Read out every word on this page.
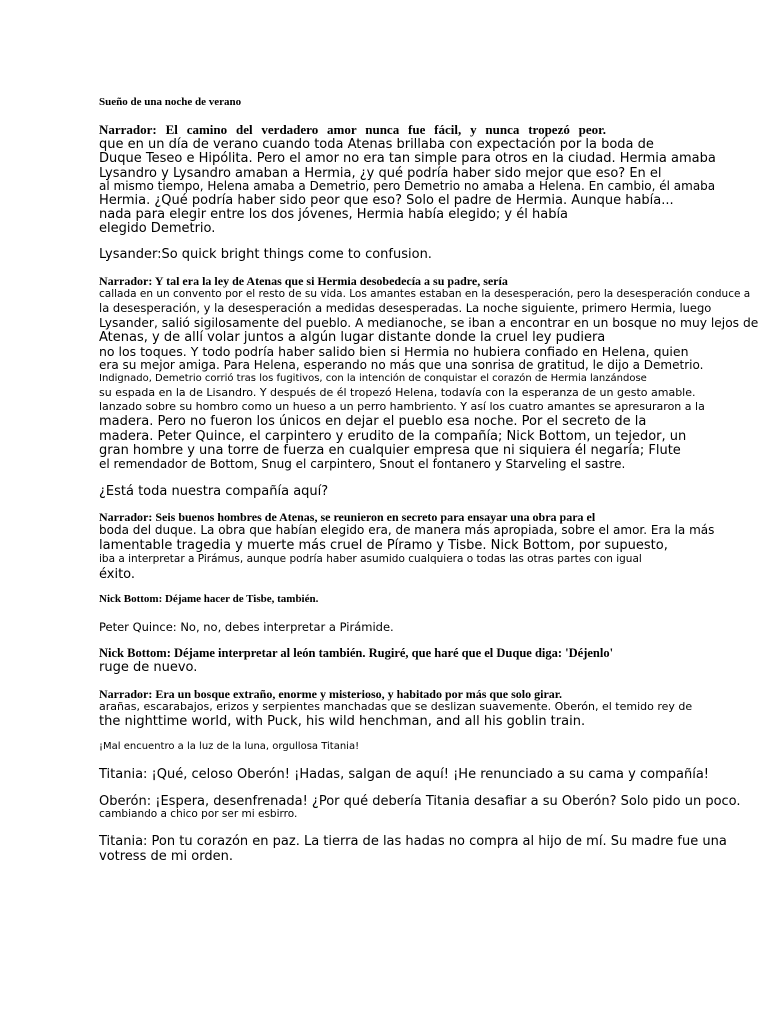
Sueño de una noche de verano
Narrador: El camino del verdadero amor nunca fue fácil, y nunca tropezó peor.
que en un día de verano cuando toda Atenas brillaba con expectación por la boda de
Duque Teseo e Hipólita. Pero el amor no era tan simple para otros en la ciudad. Hermia amaba
Lysandro y Lysandro amaban a Hermia, ¿y qué podría haber sido mejor que eso? En el
al mismo tiempo, Helena amaba a Demetrio, pero Demetrio no amaba a Helena. En cambio, él amaba
Hermia. ¿Qué podría haber sido peor que eso? Solo el padre de Hermia. Aunque había...
nada para elegir entre los dos jóvenes, Hermia había elegido; y él había
elegido Demetrio.
Lysander:So quick bright things come to confusion.
Narrador: Y tal era la ley de Atenas que si Hermia desobedecía a su padre, sería
callada en un convento por el resto de su vida. Los amantes estaban en la desesperación, pero la desesperación conduce a
la desesperación, y la desesperación a medidas desesperadas. La noche siguiente, primero Hermia, luego
Lysander, salió sigilosamente del pueblo. A medianoche, se iban a encontrar en un bosque no muy lejos de
Atenas, y de allí volar juntos a algún lugar distante donde la cruel ley pudiera
no los toques. Y todo podría haber salido bien si Hermia no hubiera confiado en Helena, quien
era su mejor amiga. Para Helena, esperando no más que una sonrisa de gratitud, le dijo a Demetrio.
Indignado, Demetrio corrió tras los fugitivos, con la intención de conquistar el corazón de Hermia lanzándose
su espada en la de Lisandro. Y después de él tropezó Helena, todavía con la esperanza de un gesto amable.
lanzado sobre su hombro como un hueso a un perro hambriento. Y así los cuatro amantes se apresuraron a la
madera. Pero no fueron los únicos en dejar el pueblo esa noche. Por el secreto de la
madera. Peter Quince, el carpintero y erudito de la compañía; Nick Bottom, un tejedor, un
gran hombre y una torre de fuerza en cualquier empresa que ni siquiera él negaría; Flute
el remendador de Bottom, Snug el carpintero, Snout el fontanero y Starveling el sastre.
¿Está toda nuestra compañía aquí?
Narrador: Seis buenos hombres de Atenas, se reunieron en secreto para ensayar una obra para el
boda del duque. La obra que habían elegido era, de manera más apropiada, sobre el amor. Era la más
lamentable tragedia y muerte más cruel de Píramo y Tisbe. Nick Bottom, por supuesto,
iba a interpretar a Pirámus, aunque podría haber asumido cualquiera o todas las otras partes con igual
éxito.
Nick Bottom: Déjame hacer de Tisbe, también.
Peter Quince: No, no, debes interpretar a Pirámide.
Nick Bottom: Déjame interpretar al león también. Rugiré, que haré que el Duque diga: 'Déjenlo'
ruge de nuevo.
Narrador: Era un bosque extraño, enorme y misterioso, y habitado por más que solo girar.
arañas, escarabajos, erizos y serpientes manchadas que se deslizan suavemente. Oberón, el temido rey de
the nighttime world, with Puck, his wild henchman, and all his goblin train.
¡Mal encuentro a la luz de la luna, orgullosa Titania!
Titania: ¡Qué, celoso Oberón! ¡Hadas, salgan de aquí! ¡He renunciado a su cama y compañía!
Oberón: ¡Espera, desenfrenada! ¿Por qué debería Titania desafiar a su Oberón? Solo pido un poco.
cambiando a chico por ser mi esbirro.
Titania: Pon tu corazón en paz. La tierra de las hadas no compra al hijo de mí. Su madre fue una
votress de mi orden.
